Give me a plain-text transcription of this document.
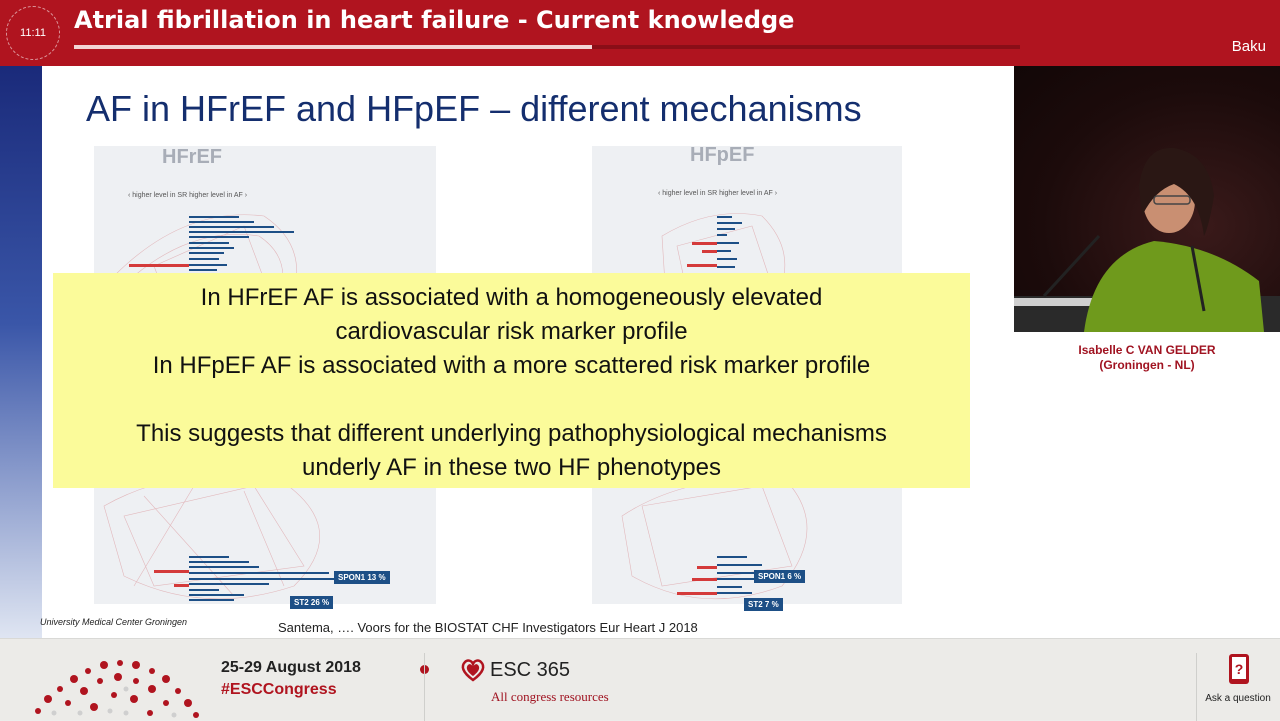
11:11	Atrial fibrillation in heart failure - Current knowledge
Baku
AF in HFrEF and HFpEF – different mechanisms
HFrEF
‹ higher level in SR higher level in AF ›
SPON1 13 %
ST2 26 %
HFpEF
‹ higher level in SR higher level in AF ›
SPON1 6 %
ST2 7 %
University Medical Center Groningen	Santema, …. Voors for the BIOSTAT CHF Investigators Eur Heart J 2018
In HFrEF AF is associated with a homogeneously elevated
cardiovascular risk marker profile
In HFpEF AF is associated with a more scattered risk marker profile
This suggests that different underlying pathophysiological mechanisms
underly AF in these two HF phenotypes
Isabelle C VAN GELDER
(Groningen - NL)
25-29 August 2018
#ESCCongress
ESC 365
All congress resources
?
Ask a question
